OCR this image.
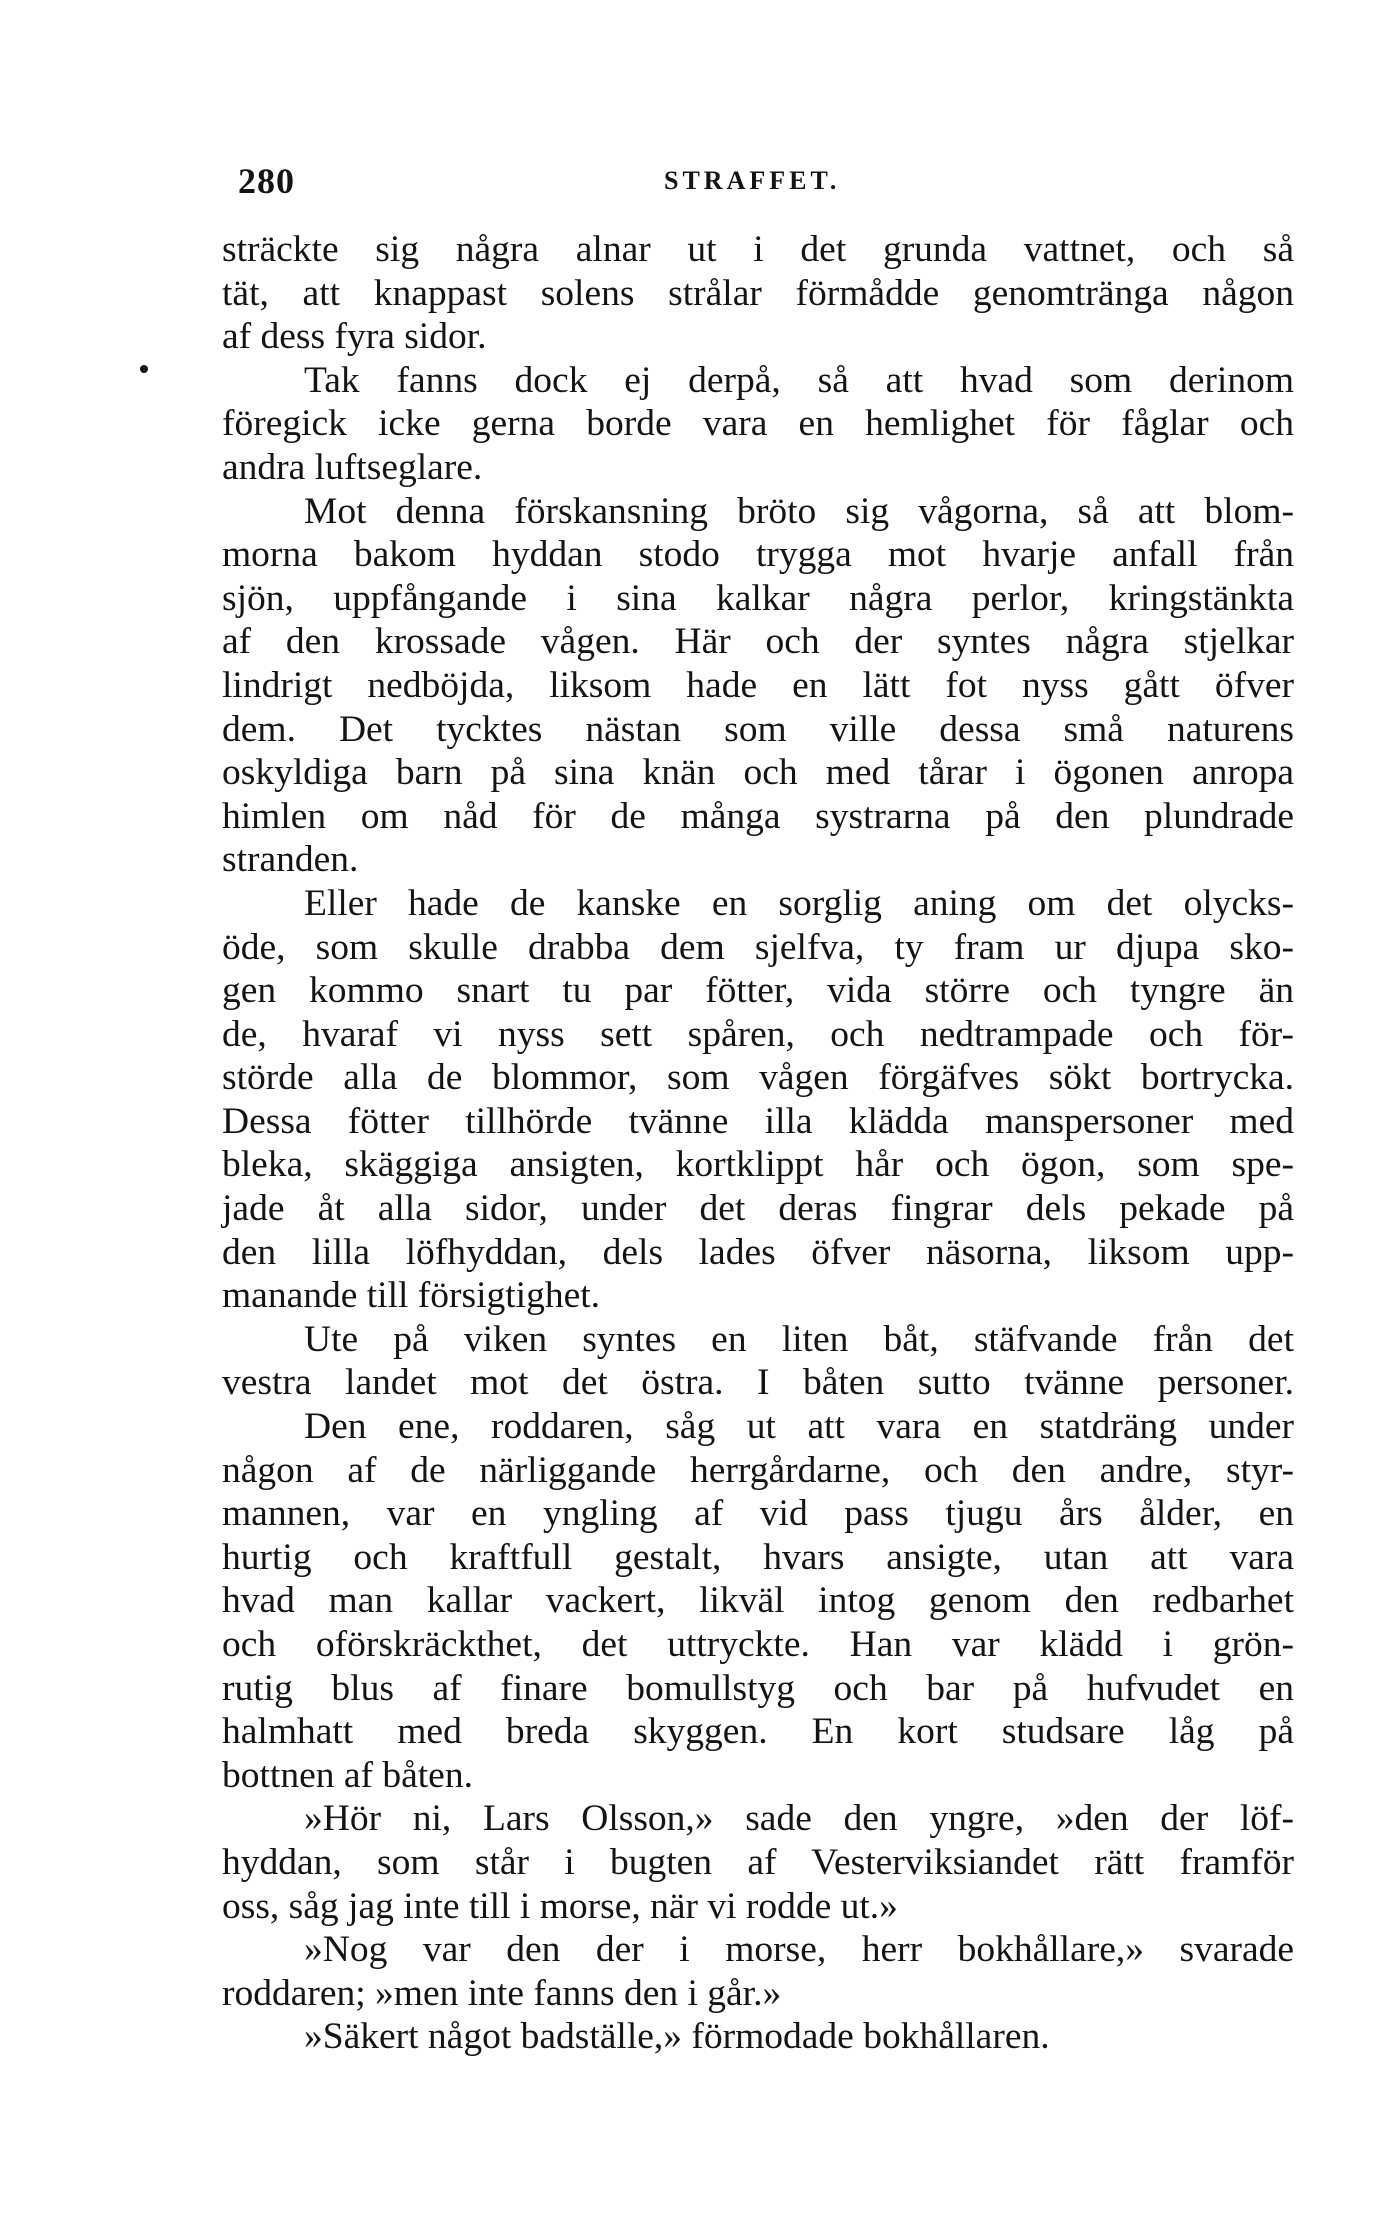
280	STRAFFET.
sträckte sig några alnar ut i det grunda vattnet, och så
tät, att knappast solens strålar förmådde genomtränga någon
af dess fyra sidor.
Tak fanns dock ej derpå, så att hvad som derinom
föregick icke gerna borde vara en hemlighet för fåglar och
andra luftseglare.
Mot denna förskansning bröto sig vågorna, så att blom-
morna bakom hyddan stodo trygga mot hvarje anfall från
sjön, uppfångande i sina kalkar några perlor, kringstänkta
af den krossade vågen. Här och der syntes några stjelkar
lindrigt nedböjda, liksom hade en lätt fot nyss gått öfver
dem. Det tycktes nästan som ville dessa små naturens
oskyldiga barn på sina knän och med tårar i ögonen anropa
himlen om nåd för de många systrarna på den plundrade
stranden.
Eller hade de kanske en sorglig aning om det olycks-
öde, som skulle drabba dem sjelfva, ty fram ur djupa sko-
gen kommo snart tu par fötter, vida större och tyngre än
de, hvaraf vi nyss sett spåren, och nedtrampade och för-
störde alla de blommor, som vågen förgäfves sökt bortrycka.
Dessa fötter tillhörde tvänne illa klädda manspersoner med
bleka, skäggiga ansigten, kortklippt hår och ögon, som spe-
jade åt alla sidor, under det deras fingrar dels pekade på
den lilla löfhyddan, dels lades öfver näsorna, liksom upp-
manande till försigtighet.
Ute på viken syntes en liten båt, stäfvande från det
vestra landet mot det östra. I båten sutto tvänne personer.
Den ene, roddaren, såg ut att vara en statdräng under
någon af de närliggande herrgårdarne, och den andre, styr-
mannen, var en yngling af vid pass tjugu års ålder, en
hurtig och kraftfull gestalt, hvars ansigte, utan att vara
hvad man kallar vackert, likväl intog genom den redbarhet
och oförskräckthet, det uttryckte. Han var klädd i grön-
rutig blus af finare bomullstyg och bar på hufvudet en
halmhatt med breda skyggen. En kort studsare låg på
bottnen af båten.
»Hör ni, Lars Olsson,» sade den yngre, »den der löf-
hyddan, som står i bugten af Vesterviksiandet rätt framför
oss, såg jag inte till i morse, när vi rodde ut.»
»Nog var den der i morse, herr bokhållare,» svarade
roddaren; »men inte fanns den i går.»
»Säkert något badställe,» förmodade bokhållaren.
